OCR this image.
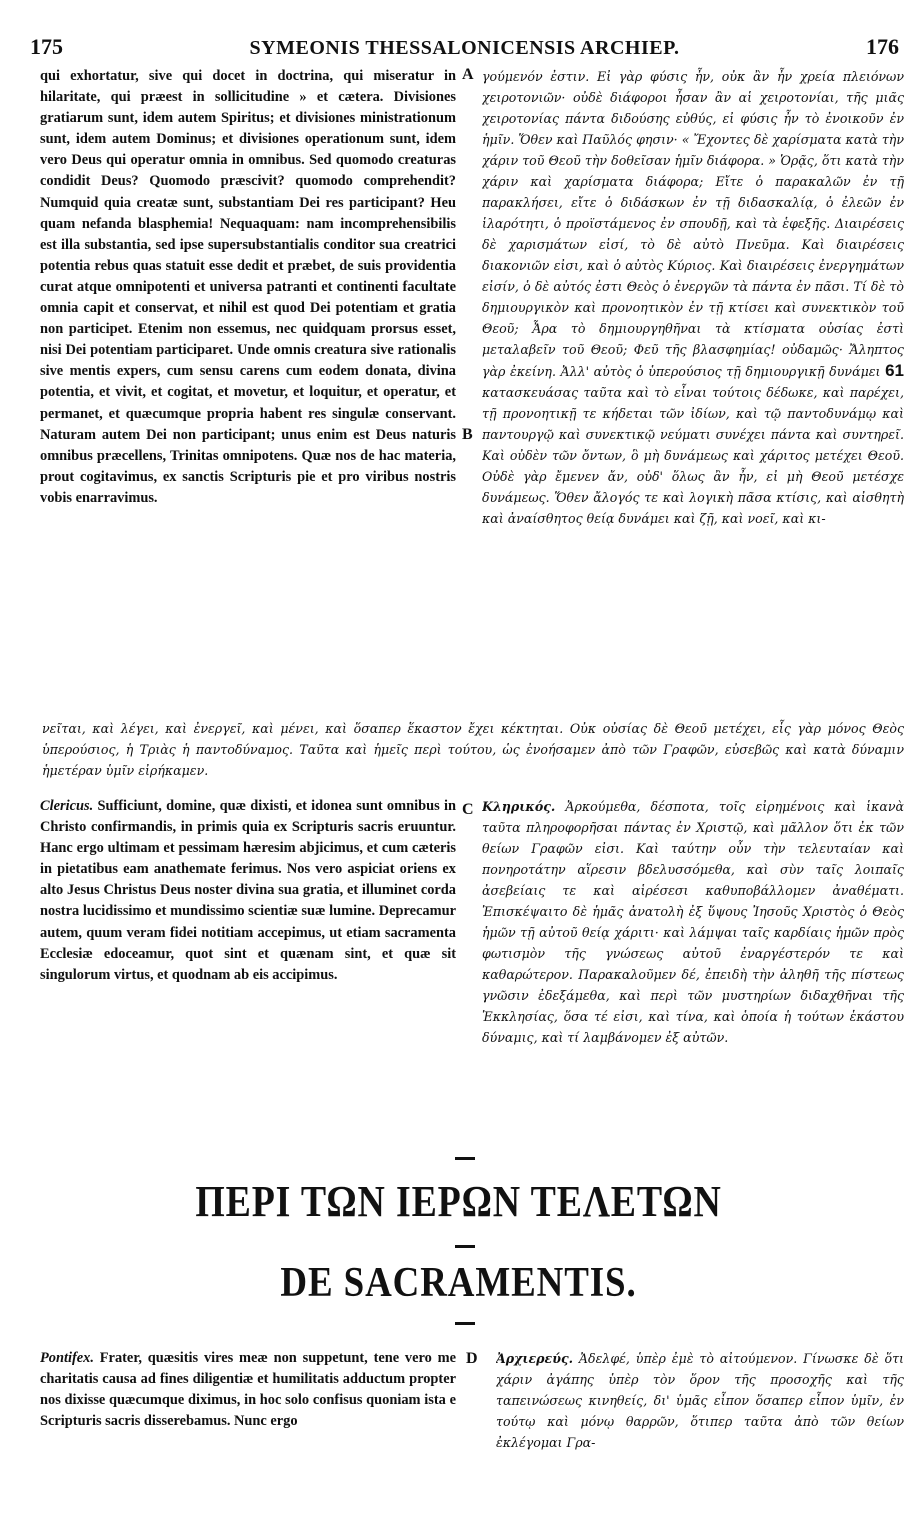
175	SYMEONIS THESSALONICENSIS ARCHIEP.	176

qui exhortatur, sive qui docet in doctrina, qui miseratur in hilaritate, qui præest in sollicitudine » et cætera. Divisiones gratiarum sunt, idem autem Spiritus; et divisiones ministrationum sunt, idem autem Dominus; et divisiones operationum sunt, idem vero Deus qui operatur omnia in omnibus. Sed quomodo creaturas condidit Deus? Quomodo præscivit? quomodo comprehendit? Numquid quia creatæ sunt, substantiam Dei res participant? Heu quam nefanda blasphemia! Nequaquam: nam incomprehensibilis est illa substantia, sed ipse supersubstantialis conditor sua creatrici potentia rebus quas statuit esse dedit et præbet, de suis providentia curat atque omnipotenti et universa patranti et continenti facultate omnia capit et conservat, et nihil est quod Dei potentiam et gratia non participet. Etenim non essemus, nec quidquam prorsus esset, nisi Dei potentiam participaret. Unde omnis creatura sive rationalis sive mentis expers, cum sensu carens cum eodem donata, divina potentia, et vivit, et cogitat, et movetur, et loquitur, et operatur, et permanet, et quæcumque propria habent res singulæ conservant. Naturam autem Dei non participant; unus enim est Deus naturis omnibus præcellens, Trinitas omnipotens. Quæ nos de hac materia, prout cogitavimus, ex sanctis Scripturis pie et pro viribus nostris vobis enarravimus.

A
B
C
D

γούμενόν ἐστιν. Εἰ γὰρ φύσις ἦν, οὐκ ἂν ἦν χρεία πλειόνων χειροτονιῶν· οὐδὲ διάφοροι ἦσαν ἂν αἱ χειροτονίαι, τῆς μιᾶς χειροτονίας πάντα διδούσης εὐθύς, εἰ φύσις ἦν τὸ ἐνοικοῦν ἐν ἡμῖν. Ὅθεν καὶ Παῦλός φησιν· « Ἔχοντες δὲ χαρίσματα κατὰ τὴν χάριν τοῦ Θεοῦ τὴν δοθεῖσαν ἡμῖν διάφορα. » Ὁρᾷς, ὅτι κατὰ τὴν χάριν καὶ χαρίσματα διάφορα; Εἴτε ὁ παρακαλῶν ἐν τῇ παρακλήσει, εἴτε ὁ διδάσκων ἐν τῇ διδασκαλίᾳ, ὁ ἐλεῶν ἐν ἱλαρότητι, ὁ προϊστάμενος ἐν σπουδῇ, καὶ τὰ ἑφεξῆς. Διαιρέσεις δὲ χαρισμάτων εἰσί, τὸ δὲ αὐτὸ Πνεῦμα. Καὶ διαιρέσεις διακονιῶν εἰσι, καὶ ὁ αὐτὸς Κύριος. Καὶ διαιρέσεις ἐνεργημάτων εἰσίν, ὁ δὲ αὐτός ἐστι Θεὸς ὁ ἐνεργῶν τὰ πάντα ἐν πᾶσι. Τί δὲ τὸ δημιουργικὸν καὶ προνοητικὸν ἐν τῇ κτίσει καὶ συνεκτικὸν τοῦ Θεοῦ; Ἆρα τὸ δημιουργηθῆναι τὰ κτίσματα οὐσίας ἐστὶ μεταλαβεῖν τοῦ Θεοῦ; Φεῦ τῆς βλασφημίας! οὐδαμῶς· Ἄληπτος γὰρ ἐκείνη. Ἀλλ' αὐτὸς ὁ ὑπερούσιος τῇ δημιουργικῇ δυνάμει 61 κατασκευάσας ταῦτα καὶ τὸ εἶναι τούτοις δέδωκε, καὶ παρέχει, τῇ προνοητικῇ τε κήδεται τῶν ἰδίων, καὶ τῷ παντοδυνάμῳ καὶ παντουργῷ καὶ συνεκτικῷ νεύματι συνέχει πάντα καὶ συντηρεῖ. Καὶ οὐδὲν τῶν ὄντων, ὃ μὴ δυνάμεως καὶ χάριτος μετέχει Θεοῦ. Οὐδὲ γὰρ ἔμενεν ἄν, οὐδ' ὅλως ἂν ἦν, εἰ μὴ Θεοῦ μετέσχε δυνάμεως. Ὅθεν ἄλογός τε καὶ λογικὴ πᾶσα κτίσις, καὶ αἰσθητὴ καὶ ἀναίσθητος θείᾳ δυνάμει καὶ ζῇ, καὶ νοεῖ, καὶ κι-

νεῖται, καὶ λέγει, καὶ ἐνεργεῖ, καὶ μένει, καὶ ὅσαπερ ἕκαστον ἔχει κέκτηται. Οὐκ οὐσίας δὲ Θεοῦ μετέχει, εἷς γὰρ μόνος Θεὸς ὑπερούσιος, ἡ Τριὰς ἡ παντοδύναμος. Ταῦτα καὶ ἡμεῖς περὶ τούτου, ὡς ἐνοήσαμεν ἀπὸ τῶν Γραφῶν, εὐσεβῶς καὶ κατὰ δύναμιν ἡμετέραν ὑμῖν εἰρήκαμεν.

Clericus. Sufficiunt, domine, quæ dixisti, et idonea sunt omnibus in Christo confirmandis, in primis quia ex Scripturis sacris eruuntur. Hanc ergo ultimam et pessimam hæresim abjicimus, et cum cæteris in pietatibus eam anathemate ferimus. Nos vero aspiciat oriens ex alto Jesus Christus Deus noster divina sua gratia, et illuminet corda nostra lucidissimo et mundissimo scientiæ suæ lumine. Deprecamur autem, quum veram fidei notitiam accepimus, ut etiam sacramenta Ecclesiæ edoceamur, quot sint et quænam sint, et quæ sit singulorum virtus, et quodnam ab eis accipimus.

Κληρικός. Ἀρκούμεθα, δέσποτα, τοῖς εἰρημένοις καὶ ἱκανὰ ταῦτα πληροφορῆσαι πάντας ἐν Χριστῷ, καὶ μᾶλλον ὅτι ἐκ τῶν θείων Γραφῶν εἰσι. Καὶ ταύτην οὖν τὴν τελευταίαν καὶ πονηροτάτην αἵρεσιν βδελυσσόμεθα, καὶ σὺν ταῖς λοιπαῖς ἀσεβείαις τε καὶ αἱρέσεσι καθυποβάλλομεν ἀναθέματι. Ἐπισκέψαιτο δὲ ἡμᾶς ἀνατολὴ ἐξ ὕψους Ἰησοῦς Χριστὸς ὁ Θεὸς ἡμῶν τῇ αὐτοῦ θείᾳ χάριτι· καὶ λάμψαι ταῖς καρδίαις ἡμῶν πρὸς φωτισμὸν τῆς γνώσεως αὐτοῦ ἐναργέστερόν τε καὶ καθαρώτερον. Παρακαλοῦμεν δέ, ἐπειδὴ τὴν ἀληθῆ τῆς πίστεως γνῶσιν ἐδεξάμεθα, καὶ περὶ τῶν μυστηρίων διδαχθῆναι τῆς Ἐκκλησίας, ὅσα τέ εἰσι, καὶ τίνα, καὶ ὁποία ἡ τούτων ἑκάστου δύναμις, καὶ τί λαμβάνομεν ἐξ αὐτῶν.

ΠΕΡΙ ΤΩΝ ΙΕΡΩΝ ΤΕΛΕΤΩΝ
DE SACRAMENTIS.

Pontifex. Frater, quæsitis vires meæ non suppetunt, tene vero me charitatis causa ad fines diligentiæ et humilitatis adductum propter nos dixisse quæcumque diximus, in hoc solo confisus quoniam ista e Scripturis sacris disserebamus. Nunc ergo

Ἀρχιερεύς. Ἀδελφέ, ὑπὲρ ἐμὲ τὸ αἰτούμενον. Γίνωσκε δὲ ὅτι χάριν ἀγάπης ὑπὲρ τὸν ὅρον τῆς προσοχῆς καὶ τῆς ταπεινώσεως κινηθείς, δι' ὑμᾶς εἶπον ὅσαπερ εἶπον ὑμῖν, ἐν τούτῳ καὶ μόνῳ θαρρῶν, ὅτιπερ ταῦτα ἀπὸ τῶν θείων ἐκλέγομαι Γρα-
